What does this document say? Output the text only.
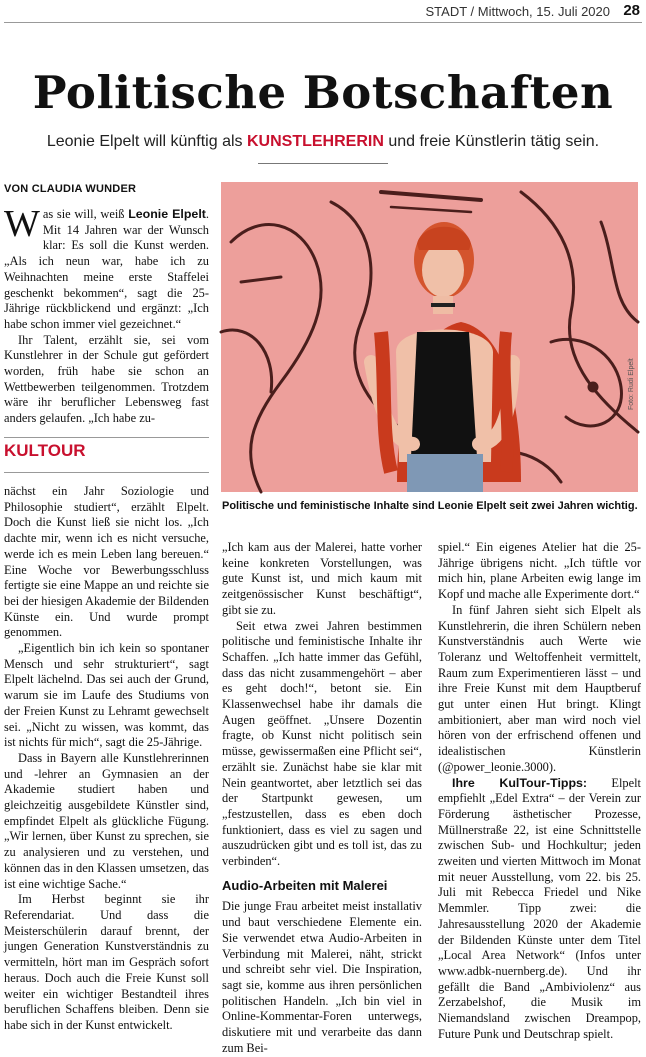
STADT / Mittwoch, 15. Juli 2020 28
Politische Botschaften
Leonie Elpelt will künftig als KUNSTLEHRERIN und freie Künstlerin tätig sein.
VON CLAUDIA WUNDER

Was sie will, weiß Leonie Elpelt. Mit 14 Jahren war der Wunsch klar: Es soll die Kunst werden. „Als ich neun war, habe ich zu Weihnachten meine erste Staffelei geschenkt bekommen“, sagt die 25-Jährige rückblickend und ergänzt: „Ich habe schon immer viel gezeichnet.“

Ihr Talent, erzählt sie, sei vom Kunstlehrer in der Schule gut gefördert worden, früh habe sie schon an Wettbewerben teilgenommen. Trotzdem wäre ihr beruflicher Lebensweg fast anders gelaufen. „Ich habe zu-

KULTOUR

nächst ein Jahr Soziologie und Philosophie studiert“, erzählt Elpelt. Doch die Kunst ließ sie nicht los. „Ich dachte mir, wenn ich es nicht versuche, werde ich es mein Leben lang bereuen.“ Eine Woche vor Bewerbungsschluss fertigte sie eine Mappe an und reichte sie bei der hiesigen Akademie der Bildenden Künste ein. Und wurde prompt genommen.

„Eigentlich bin ich kein so spontaner Mensch und sehr strukturiert“, sagt Elpelt lächelnd. Das sei auch der Grund, warum sie im Laufe des Studiums von der Freien Kunst zu Lehramt gewechselt sei. „Nicht zu wissen, was kommt, das ist nichts für mich“, sagt die 25-Jährige.

Dass in Bayern alle Kunstlehrerinnen und -lehrer an Gymnasien an der Akademie studiert haben und gleichzeitig ausgebildete Künstler sind, empfindet Elpelt als glückliche Fügung. „Wir lernen, über Kunst zu sprechen, sie zu analysieren und zu verstehen, und können das in den Klassen umsetzen, das ist eine wichtige Sache.“

Im Herbst beginnt sie ihr Referendariat. Und dass die Meisterschülerin darauf brennt, der jungen Generation Kunstverständnis zu vermitteln, hört man im Gespräch sofort heraus. Doch auch die Freie Kunst soll weiter ein wichtiger Bestandteil ihres beruflichen Schaffens bleiben. Denn sie habe sich in der Kunst entwickelt.

Foto: Rudi Elpelt
Politische und feministische Inhalte sind Leonie Elpelt seit zwei Jahren wichtig.

„Ich kam aus der Malerei, hatte vorher keine konkreten Vorstellungen, was gute Kunst ist, und mich kaum mit zeitgenössischer Kunst beschäftigt“, gibt sie zu.

Seit etwa zwei Jahren bestimmen politische und feministische Inhalte ihr Schaffen. „Ich hatte immer das Gefühl, dass das nicht zusammengehört – aber es geht doch!“, betont sie. Ein Klassenwechsel habe ihr damals die Augen geöffnet. „Unsere Dozentin fragte, ob Kunst nicht politisch sein müsse, gewissermaßen eine Pflicht sei“, erzählt sie. Zunächst habe sie klar mit Nein geantwortet, aber letztlich sei das der Startpunkt gewesen, um „festzustellen, dass es eben doch funktioniert, dass es viel zu sagen und auszudrücken gibt und es toll ist, das zu verbinden“.

Audio-Arbeiten mit Malerei

Die junge Frau arbeitet meist installativ und baut verschiedene Elemente ein. Sie verwendet etwa Audio-Arbeiten in Verbindung mit Malerei, näht, strickt und schreibt sehr viel. Die Inspiration, sagt sie, komme aus ihren persönlichen politischen Handeln. „Ich bin viel in Online-Kommentar-Foren unterwegs, diskutiere mit und verarbeite das dann zum Bei-

spiel.“ Ein eigenes Atelier hat die 25-Jährige übrigens nicht. „Ich tüftle vor mich hin, plane Arbeiten ewig lange im Kopf und mache alle Experimente dort.“

In fünf Jahren sieht sich Elpelt als Kunstlehrerin, die ihren Schülern neben Kunstverständnis auch Werte wie Toleranz und Weltoffenheit vermittelt, Raum zum Experimentieren lässt – und ihre Freie Kunst mit dem Hauptberuf gut unter einen Hut bringt. Klingt ambitioniert, aber man wird noch viel hören von der erfrischend offenen und idealistischen Künstlerin (@power_leonie.3000).

Ihre KulTour-Tipps: Elpelt empfiehlt „Edel Extra“ – der Verein zur Förderung ästhetischer Prozesse, Müllnerstraße 22, ist eine Schnittstelle zwischen Sub- und Hochkultur; jeden zweiten und vierten Mittwoch im Monat mit neuer Ausstellung, vom 22. bis 25. Juli mit Rebecca Friedel und Nike Memmler. Tipp zwei: die Jahresausstellung 2020 der Akademie der Bildenden Künste unter dem Titel „Local Area Network“ (Infos unter www.adbk-nuernberg.de). Und ihr gefällt die Band „Ambiviolenz“ aus Zerzabelshof, die Musik im Niemandsland zwischen Dreampop, Future Punk und Deutschrap spielt.
